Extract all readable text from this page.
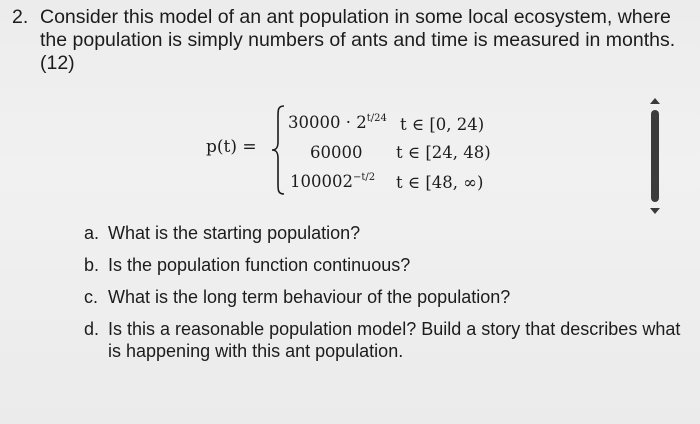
2. Consider this model of an ant population in some local ecosystem, where the population is simply numbers of ants and time is measured in months. (12)
p(t) =
$30000 \cdot 2^{t/24}$ t ∈ [0, 24)
60000 t ∈ [24, 48)
$100002^{-t/2}$ t ∈ [48, ∞)
a. What is the starting population?
b. Is the population function continuous?
c. What is the long term behaviour of the population?
d. Is this a reasonable population model? Build a story that describes what is happening with this ant population.
